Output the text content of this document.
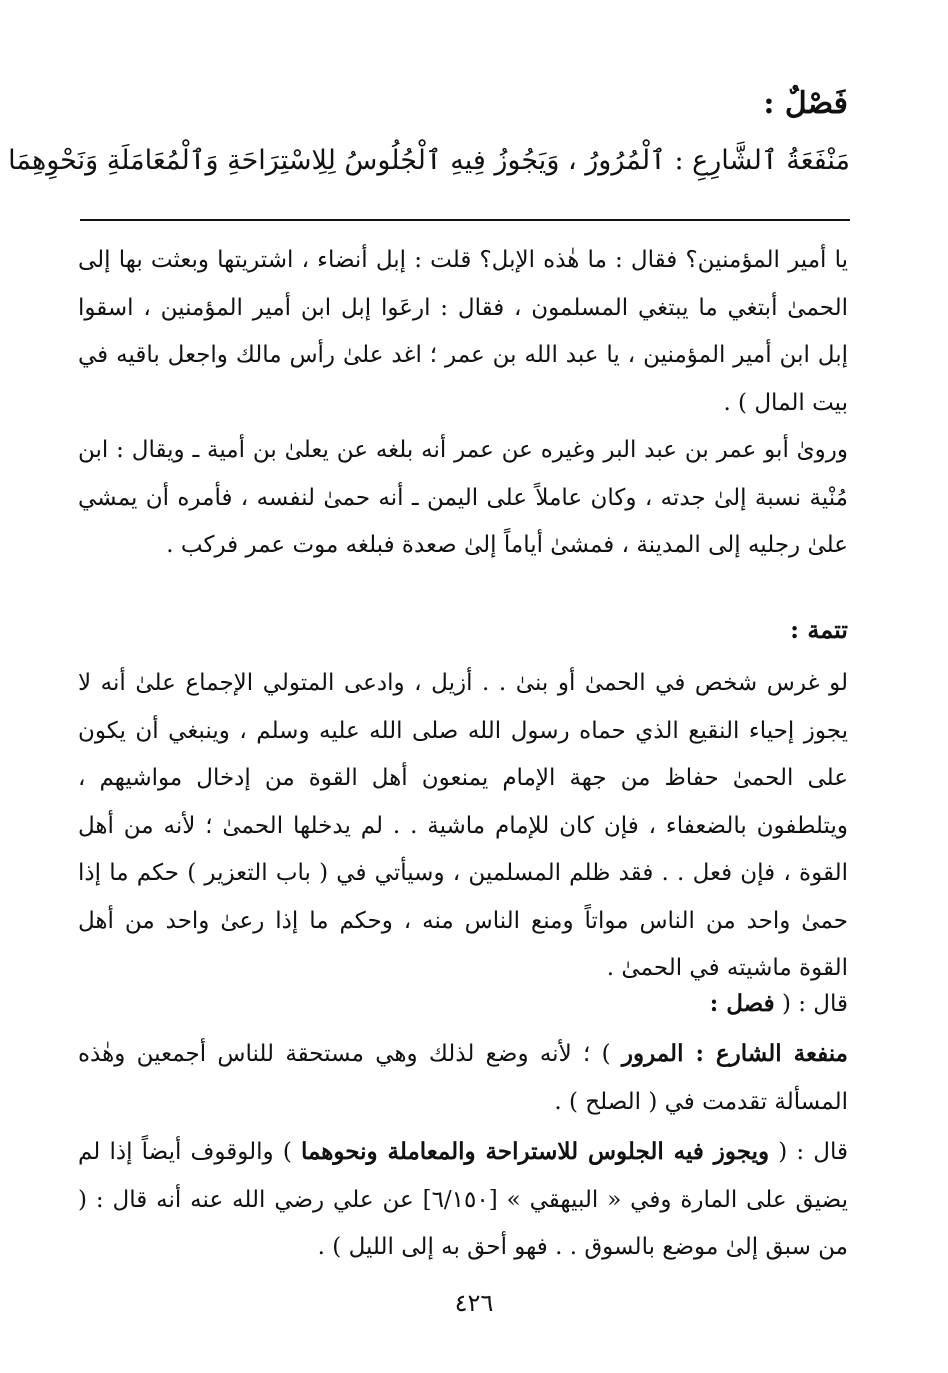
فَصْلٌ :
مَنْفَعَةُ ٱلشَّارِعِ : ٱلْمُرُورُ ، وَيَجُوزُ فِيهِ ٱلْجُلُوسُ لِلِاسْتِرَاحَةِ وَٱلْمُعَامَلَةِ وَنَحْوِهِمَا

يا أمير المؤمنين؟ فقال : ما هٰذه الإبل؟ قلت : إبل أنضاء ، اشتريتها وبعثت بها إلى الحمىٰ أبتغي ما يبتغي المسلمون ، فقال : ارعَوا إبل ابن أمير المؤمنين ، اسقوا إبل ابن أمير المؤمنين ، يا عبد الله بن عمر ؛ اغد علىٰ رأس مالك واجعل باقيه في بيت المال ) .

وروىٰ أبو عمر بن عبد البر وغيره عن عمر أنه بلغه عن يعلىٰ بن أمية ـ ويقال : ابن مُنْية نسبة إلىٰ جدته ، وكان عاملاً على اليمن ـ أنه حمىٰ لنفسه ، فأمره أن يمشي علىٰ رجليه إلى المدينة ، فمشىٰ أياماً إلىٰ صعدة فبلغه موت عمر فركب .

تتمة :

لو غرس شخص في الحمىٰ أو بنىٰ . . أزيل ، وادعى المتولي الإجماع علىٰ أنه لا يجوز إحياء النقيع الذي حماه رسول الله صلى الله عليه وسلم ، وينبغي أن يكون على الحمىٰ حفاظ من جهة الإمام يمنعون أهل القوة من إدخال مواشيهم ، ويتلطفون بالضعفاء ، فإن كان للإمام ماشية . . لم يدخلها الحمىٰ ؛ لأنه من أهل القوة ، فإن فعل . . فقد ظلم المسلمين ، وسيأتي في ( باب التعزير ) حكم ما إذا حمىٰ واحد من الناس مواتاً ومنع الناس منه ، وحكم ما إذا رعىٰ واحد من أهل القوة ماشيته في الحمىٰ .

قال : ( فصل :

منفعة الشارع : المرور ) ؛ لأنه وضع لذلك وهي مستحقة للناس أجمعين وهٰذه المسألة تقدمت في ( الصلح ) .

قال : ( ويجوز فيه الجلوس للاستراحة والمعاملة ونحوهما ) والوقوف أيضاً إذا لم يضيق على المارة وفي « البيهقي » [٦/١٥٠] عن علي رضي الله عنه أنه قال : ( من سبق إلىٰ موضع بالسوق . . فهو أحق به إلى الليل ) .

٤٢٦
